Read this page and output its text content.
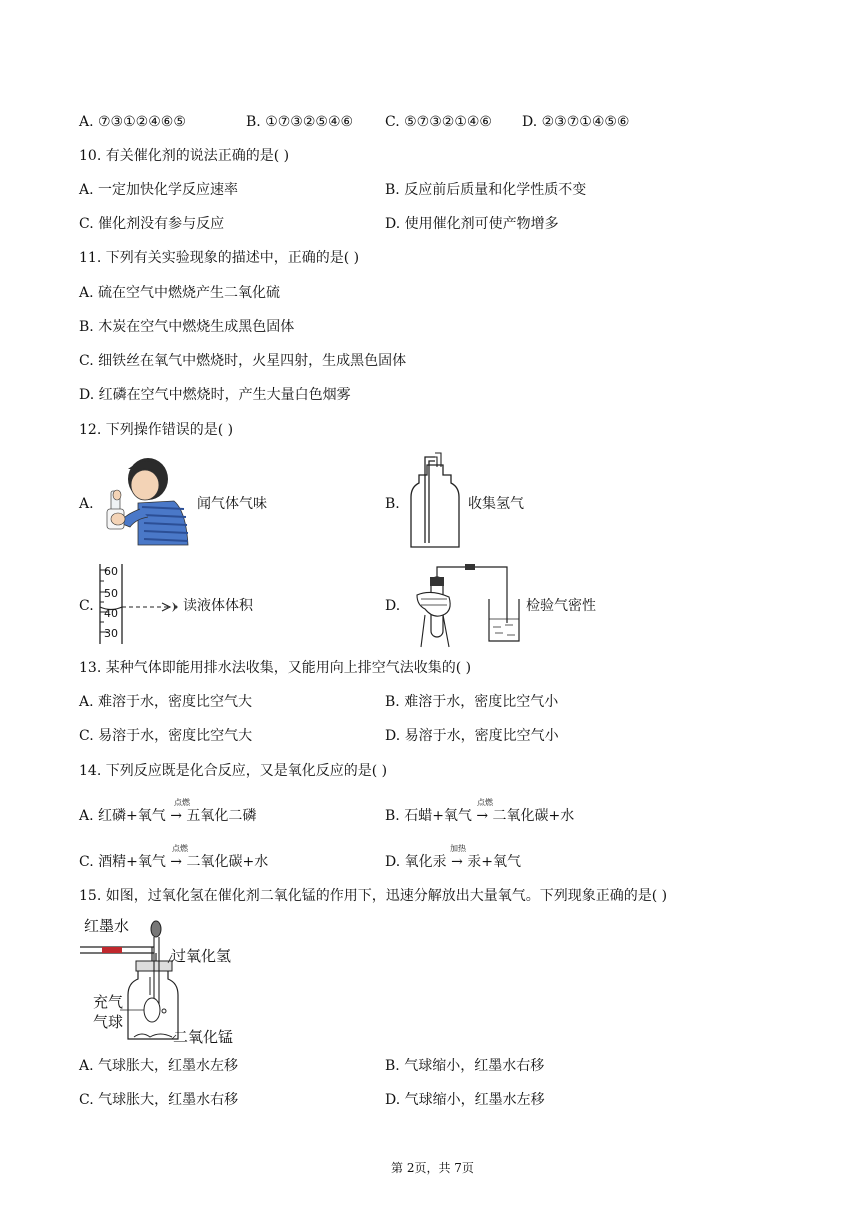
A. ⑦③①②④⑥⑤	B. ①⑦③②⑤④⑥ C. ⑤⑦③②①④⑥ D. ②③⑦①④⑤⑥
10. 有关催化剂的说法正确的是( )
A. 一定加快化学反应速率	B. 反应前后质量和化学性质不变
C. 催化剂没有参与反应	D. 使用催化剂可使产物增多
11. 下列有关实验现象的描述中，正确的是( )
A. 硫在空气中燃烧产生二氧化硫
B. 木炭在空气中燃烧生成黑色固体
C. 细铁丝在氧气中燃烧时，火星四射，生成黑色固体
D. 红磷在空气中燃烧时，产生大量白色烟雾
12. 下列操作错误的是( )
A.	闻气体气味	B.	收集氢气
C.
60
50
40
30
读液体体积	D.	检验气密性
13. 某种气体即能用排水法收集，又能用向上排空气法收集的( )
A. 难溶于水，密度比空气大	B. 难溶于水，密度比空气小
C. 易溶于水，密度比空气大	D. 易溶于水，密度比空气小
14. 下列反应既是化合反应，又是氧化反应的是( )
点燃
A. 红磷+氧气 → 五氧化二磷
点燃
B. 石蜡+氧气 → 二氧化碳+水
点燃
C. 酒精+氧气 → 二氧化碳+水
加热
D. 氧化汞 → 汞+氧气
15. 如图，过氧化氢在催化剂二氧化锰的作用下，迅速分解放出大量氧气。下列现象正确的是( )
红墨水
过氧化氢
充气
气球
二氧化锰
A. 气球胀大，红墨水左移	B. 气球缩小，红墨水右移
C. 气球胀大，红墨水右移	D. 气球缩小，红墨水左移
第 2页，共 7页
